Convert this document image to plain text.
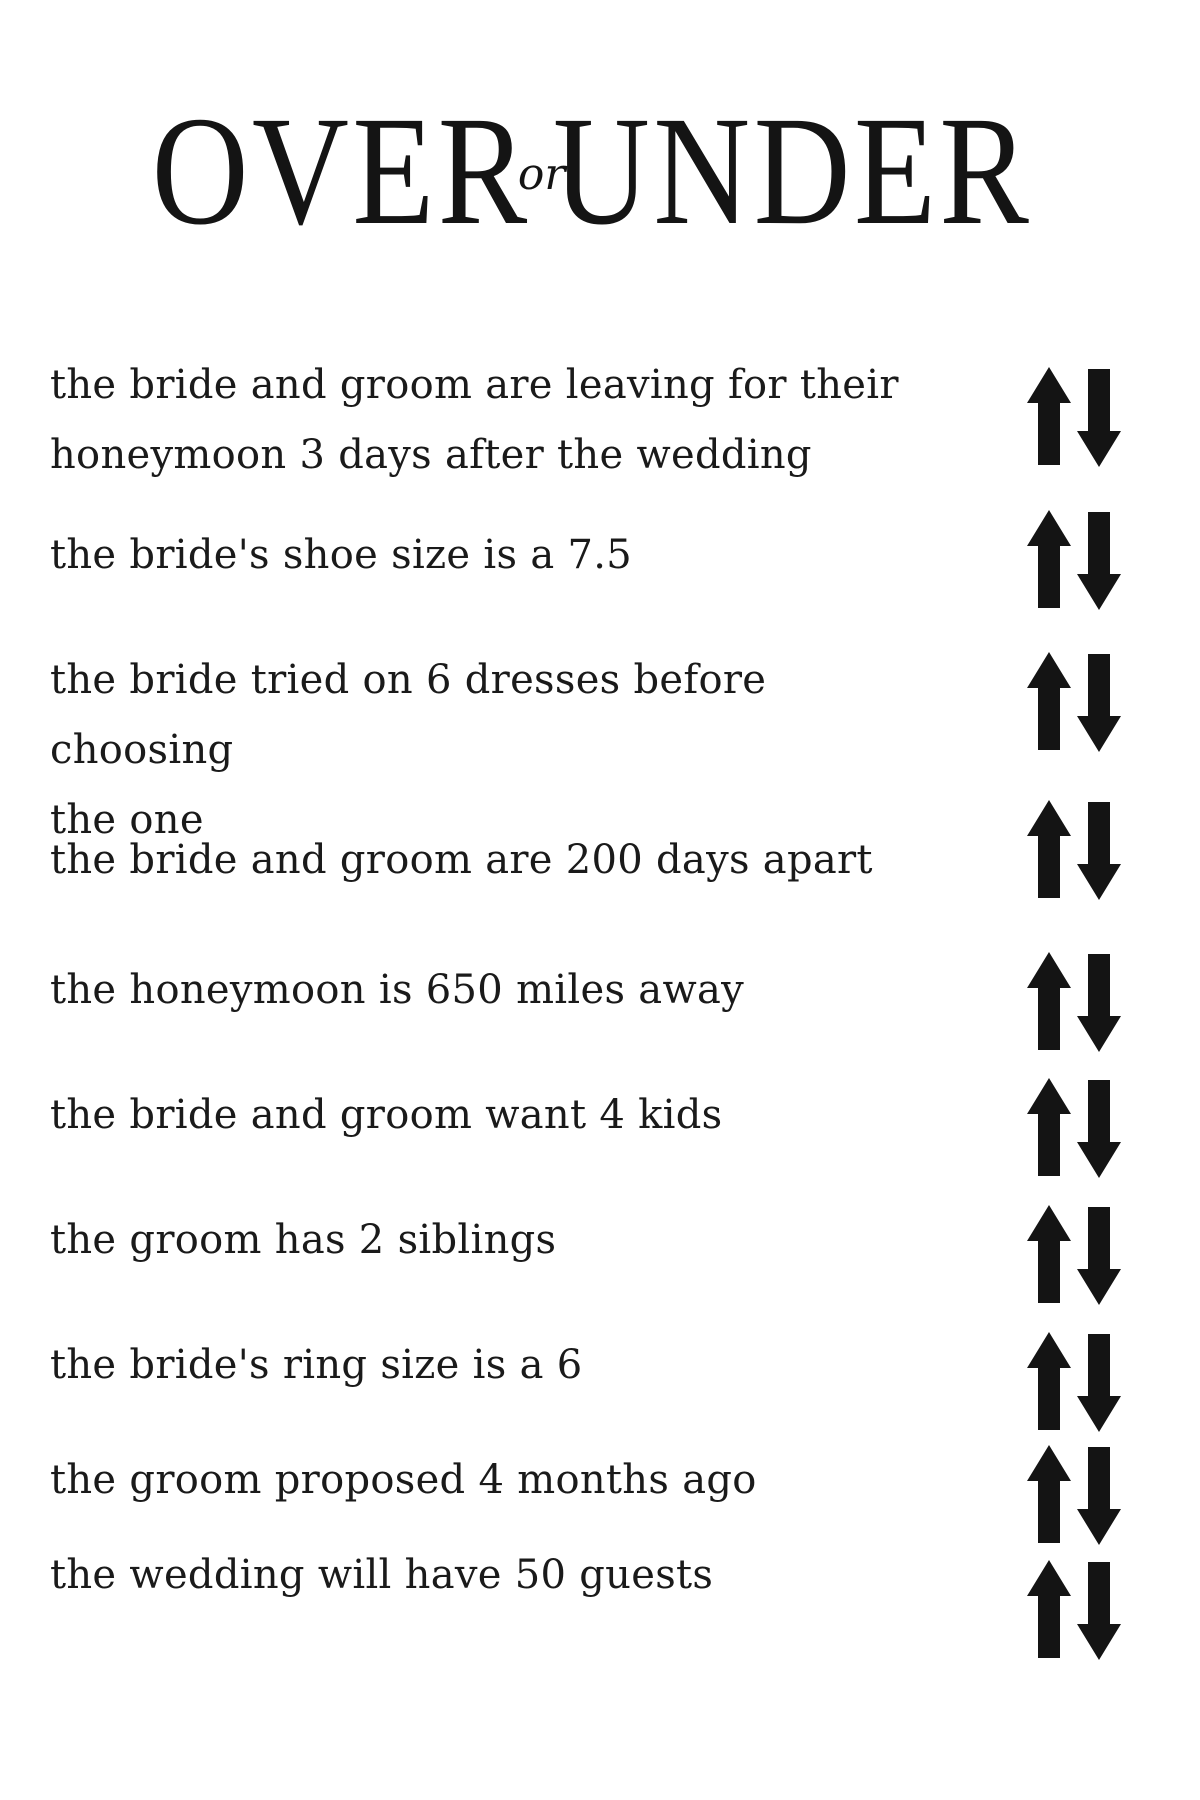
OVER or UNDER
the bride and groom are leaving for their
honeymoon 3 days after the wedding
the bride's shoe size is a 7.5
the bride tried on 6 dresses before choosing
the one
the bride and groom are 200 days apart
the honeymoon is 650 miles away
the bride and groom want 4 kids
the groom has 2 siblings
the bride's ring size is a 6
the groom proposed 4 months ago
the wedding will have 50 guests
